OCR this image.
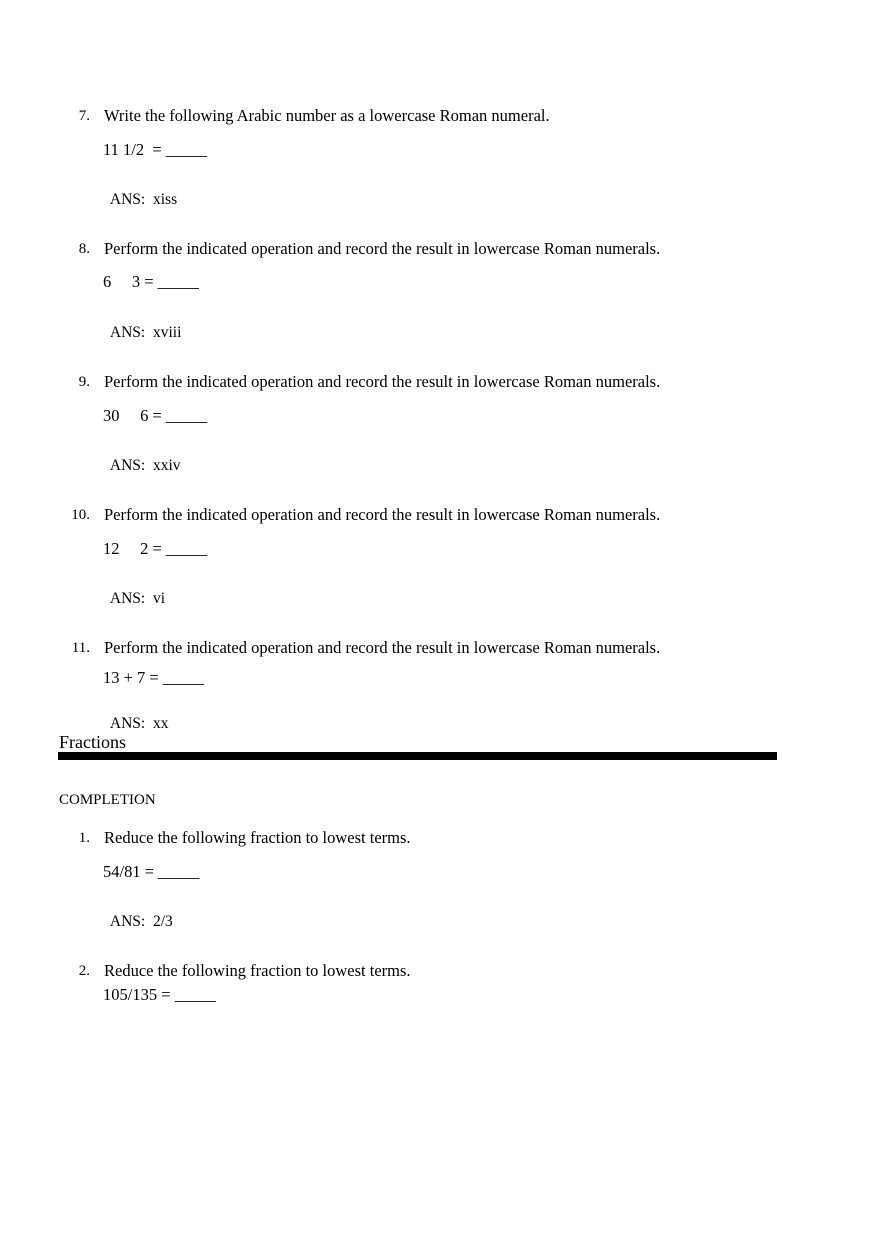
7. Write the following Arabic number as a lowercase Roman numeral.
11 1/2  = _____

ANS: xiss

8. Perform the indicated operation and record the result in lowercase Roman numerals.
6     3 = _____

ANS: xviii

9. Perform the indicated operation and record the result in lowercase Roman numerals.
30     6 = _____

ANS: xxiv

10. Perform the indicated operation and record the result in lowercase Roman numerals.
12     2 = _____

ANS: vi

11. Perform the indicated operation and record the result in lowercase Roman numerals.
13 + 7 = _____

ANS: xx

Fractions
COMPLETION
1. Reduce the following fraction to lowest terms.
54/81 = _____

ANS: 2/3

2. Reduce the following fraction to lowest terms.
105/135 = _____
